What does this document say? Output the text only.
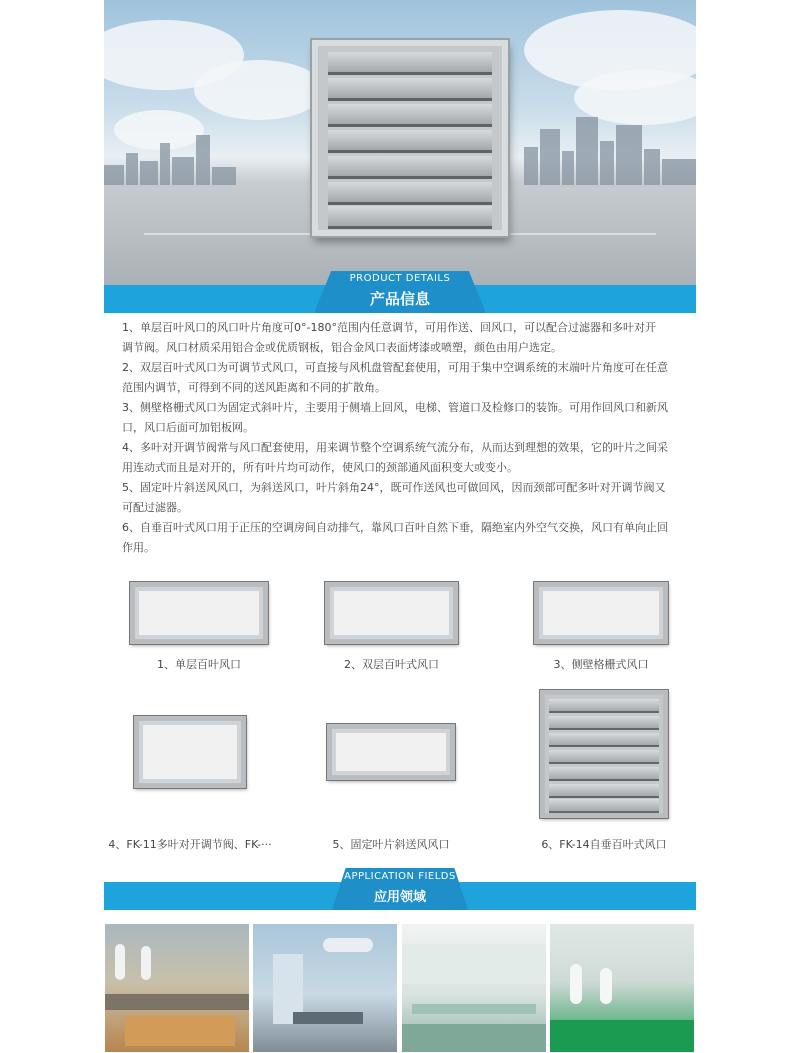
PRODUCT DETAILS
产品信息

1、单层百叶风口的风口叶片角度可0°-180°范围内任意调节，可用作送、回风口，可以配合过滤器和多叶对开

调节阀。风口材质采用铝合金或优质钢板，铝合金风口表面烤漆或喷塑，颜色由用户选定。

2、双层百叶式风口为可调节式风口，可直接与风机盘管配套使用，可用于集中空调系统的末端叶片角度可在任意

范围内调节，可得到不同的送风距离和不同的扩散角。

3、侧壁格栅式风口为固定式斜叶片，主要用于侧墙上回风，电梯、管道口及检修口的装饰。可用作回风口和新风

口，风口后面可加铝板网。

4、多叶对开调节阀常与风口配套使用，用来调节整个空调系统气流分布，从而达到理想的效果，它的叶片之间采

用连动式而且是对开的，所有叶片均可动作，使风口的颈部通风面积变大或变小。

5、固定叶片斜送风风口，为斜送风口，叶片斜角24°，既可作送风也可做回风，因而颈部可配多叶对开调节阀又

可配过滤器。

6、自垂百叶式风口用于正压的空调房间自动排气，靠风口百叶自然下垂，隔绝室内外空气交换，风口有单向止回

作用。

1、单层百叶风口	2、双层百叶式风口	3、侧壁格栅式风口
4、FK-11多叶对开调节阀、FK-···	5、固定叶片斜送风风口	6、FK-14自垂百叶式风口
APPLICATION FIELDS
应用领域
